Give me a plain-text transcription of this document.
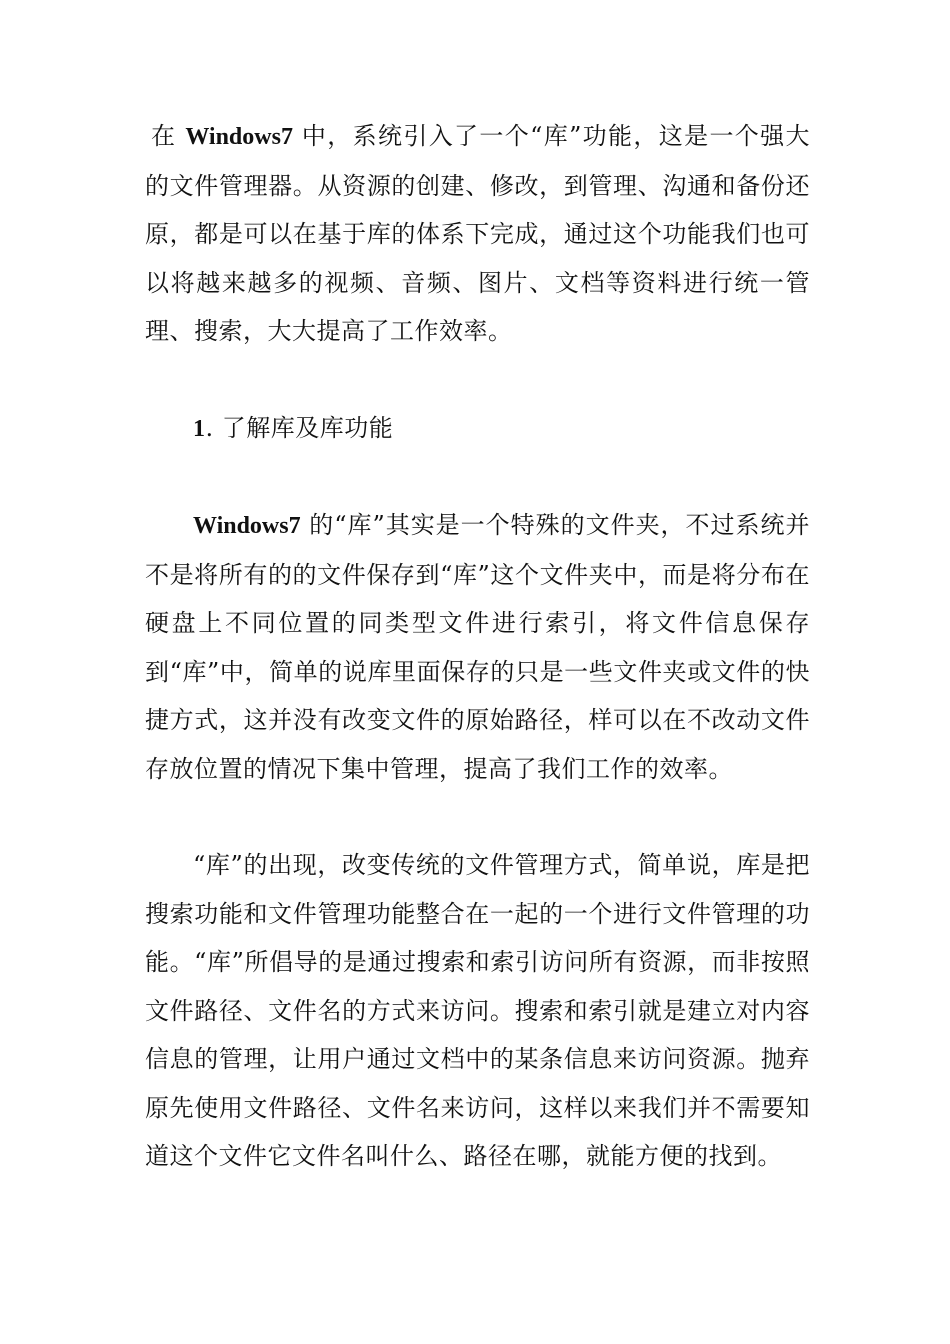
在 Windows7 中，系统引入了一个“库”功能，这是一个强大的文件管理器。从资源的创建、修改，到管理、沟通和备份还原，都是可以在基于库的体系下完成，通过这个功能我们也可以将越来越多的视频、音频、图片、文档等资料进行统一管理、搜索，大大提高了工作效率。

1. 了解库及库功能

Windows7 的“库”其实是一个特殊的文件夹，不过系统并不是将所有的的文件保存到“库”这个文件夹中，而是将分布在硬盘上不同位置的同类型文件进行索引，将文件信息保存到“库”中，简单的说库里面保存的只是一些文件夹或文件的快捷方式，这并没有改变文件的原始路径，样可以在不改动文件存放位置的情况下集中管理，提高了我们工作的效率。

“库”的出现，改变传统的文件管理方式，简单说，库是把搜索功能和文件管理功能整合在一起的一个进行文件管理的功能。“库”所倡导的是通过搜索和索引访问所有资源，而非按照文件路径、文件名的方式来访问。搜索和索引就是建立对内容信息的管理，让用户通过文档中的某条信息来访问资源。抛弃原先使用文件路径、文件名来访问，这样以来我们并不需要知道这个文件它文件名叫什么、路径在哪，就能方便的找到。
